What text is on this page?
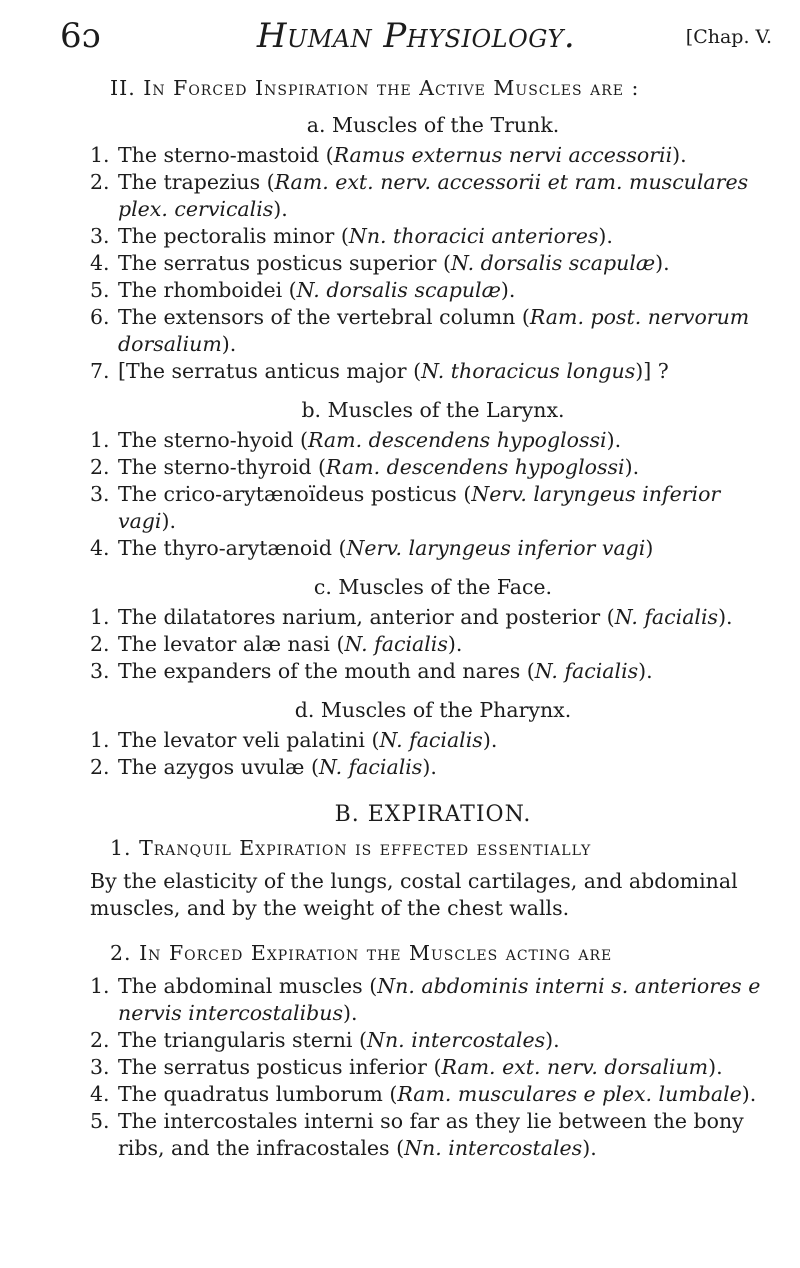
6ɔ	Human Physiology.	[Chap. V.
II. In Forced Inspiration the Active Muscles are :
a. Muscles of the Trunk.
1. The sterno-mastoid (Ramus externus nervi accessorii).
2. The trapezius (Ram. ext. nerv. accessorii et ram. musculares plex. cervicalis).
3. The pectoralis minor (Nn. thoracici anteriores).
4. The serratus posticus superior (N. dorsalis scapulæ).
5. The rhomboidei (N. dorsalis scapulæ).
6. The extensors of the vertebral column (Ram. post. nervorum dorsalium).
7. [The serratus anticus major (N. thoracicus longus)] ?
b. Muscles of the Larynx.
1. The sterno-hyoid (Ram. descendens hypoglossi).
2. The sterno-thyroid (Ram. descendens hypoglossi).
3. The crico-arytænoïdeus posticus (Nerv. laryngeus inferior vagi).
4. The thyro-arytænoid (Nerv. laryngeus inferior vagi)
c. Muscles of the Face.
1. The dilatatores narium, anterior and posterior (N. facialis).
2. The levator alæ nasi (N. facialis).
3. The expanders of the mouth and nares (N. facialis).
d. Muscles of the Pharynx.
1. The levator veli palatini (N. facialis).
2. The azygos uvulæ (N. facialis).
B. EXPIRATION.
1. Tranquil Expiration is effected essentially
By the elasticity of the lungs, costal cartilages, and abdominal muscles, and by the weight of the chest walls.
2. In Forced Expiration the Muscles acting are
1. The abdominal muscles (Nn. abdominis interni s. anteriores e nervis intercostalibus).
2. The triangularis sterni (Nn. intercostales).
3. The serratus posticus inferior (Ram. ext. nerv. dorsalium).
4. The quadratus lumborum (Ram. musculares e plex. lumbale).
5. The intercostales interni so far as they lie between the bony ribs, and the infracostales (Nn. intercostales).
